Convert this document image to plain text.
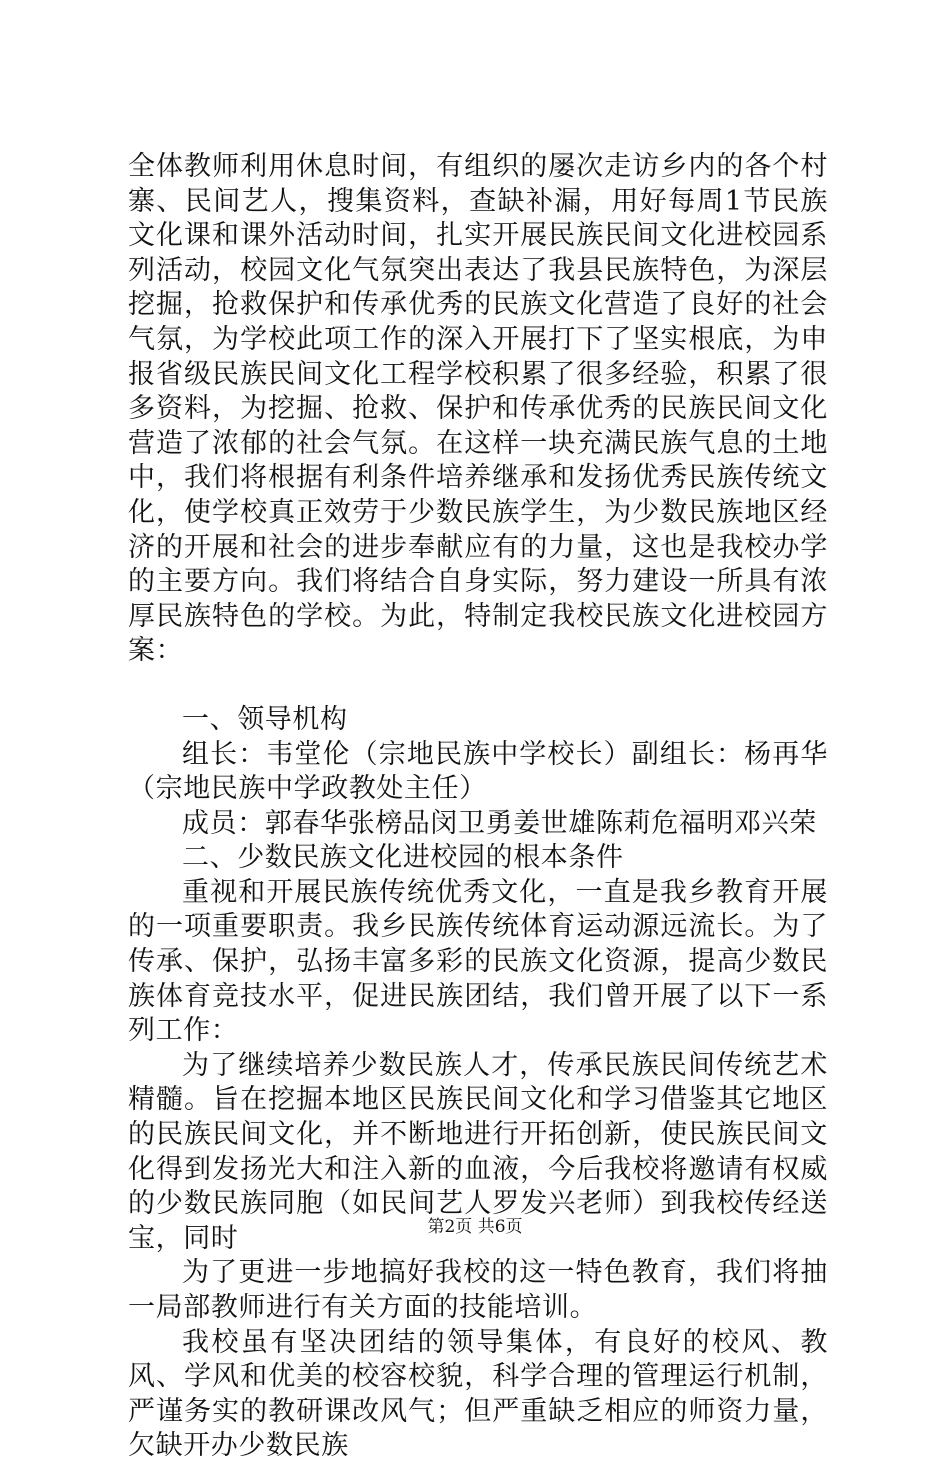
全体教师利用休息时间，有组织的屡次走访乡内的各个村寨、民间艺人，搜集资料，查缺补漏，用好每周1节民族文化课和课外活动时间，扎实开展民族民间文化进校园系列活动，校园文化气氛突出表达了我县民族特色，为深层挖掘，抢救保护和传承优秀的民族文化营造了良好的社会气氛，为学校此项工作的深入开展打下了坚实根底，为申报省级民族民间文化工程学校积累了很多经验，积累了很多资料，为挖掘、抢救、保护和传承优秀的民族民间文化营造了浓郁的社会气氛。在这样一块充满民族气息的土地中，我们将根据有利条件培养继承和发扬优秀民族传统文化，使学校真正效劳于少数民族学生，为少数民族地区经济的开展和社会的进步奉献应有的力量，这也是我校办学的主要方向。我们将结合自身实际，努力建设一所具有浓厚民族特色的学校。为此，特制定我校民族文化进校园方案：

一、领导机构

组长：韦堂伦（宗地民族中学校长）副组长：杨再华（宗地民族中学政教处主任）

成员：郭春华张榜品闵卫勇姜世雄陈莉危福明邓兴荣

二、少数民族文化进校园的根本条件

重视和开展民族传统优秀文化，一直是我乡教育开展的一项重要职责。我乡民族传统体育运动源远流长。为了传承、保护，弘扬丰富多彩的民族文化资源，提高少数民族体育竞技水平，促进民族团结，我们曾开展了以下一系列工作：

为了继续培养少数民族人才，传承民族民间传统艺术精髓。旨在挖掘本地区民族民间文化和学习借鉴其它地区的民族民间文化，并不断地进行开拓创新，使民族民间文化得到发扬光大和注入新的血液，今后我校将邀请有权威的少数民族同胞（如民间艺人罗发兴老师）到我校传经送宝，同时

为了更进一步地搞好我校的这一特色教育，我们将抽一局部教师进行有关方面的技能培训。

我校虽有坚决团结的领导集体，有良好的校风、教风、学风和优美的校容校貌，科学合理的管理运行机制，严谨务实的教研课改风气；但严重缺乏相应的师资力量，欠缺开办少数民族

第2页 共6页
